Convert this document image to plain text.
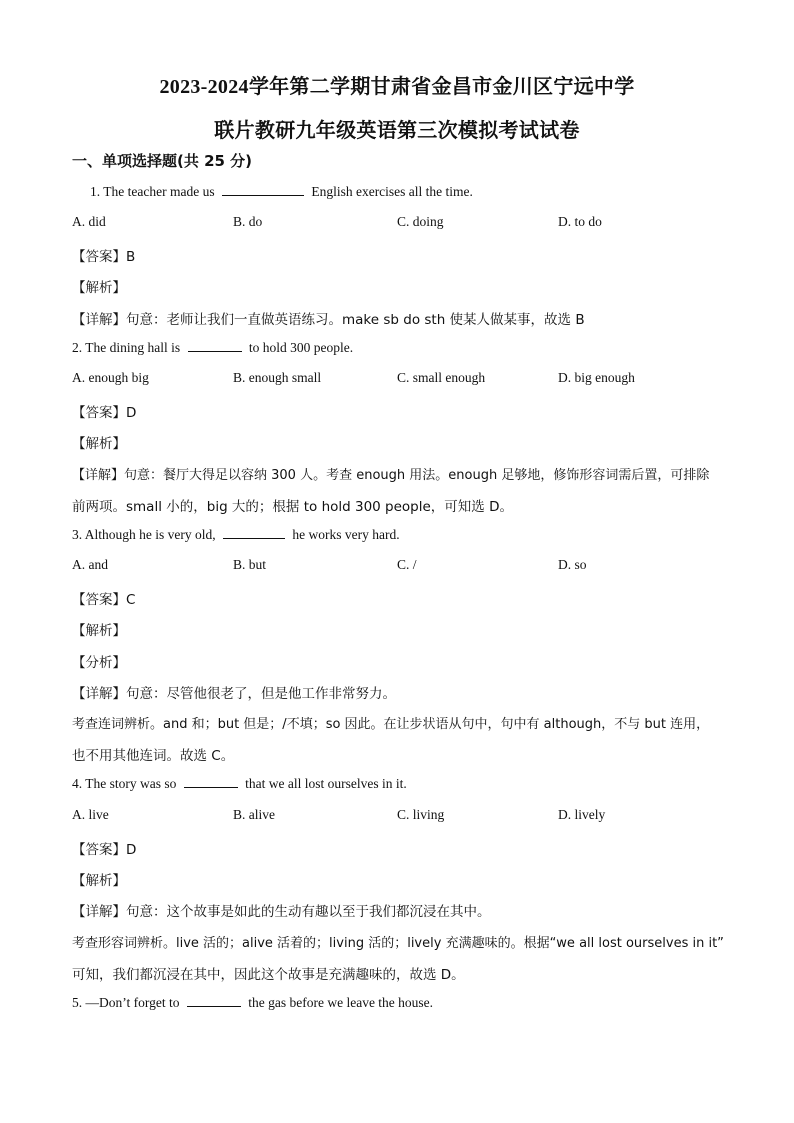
2023-2024学年第二学期甘肃省金昌市金川区宁远中学
联片教研九年级英语第三次模拟考试试卷
一、单项选择题(共 25 分)
1. The teacher made us	English exercises all the time.
A. did	B. do	C. doing	D. to do
【答案】B
【解析】
【详解】句意：老师让我们一直做英语练习。make sb do sth 使某人做某事，故选 B
2. The dining hall is	to hold 300 people.
A. enough big	B. enough small	C. small enough	D. big enough
【答案】D
【解析】
【详解】句意：餐厅大得足以容纳 300 人。考查 enough 用法。enough 足够地，修饰形容词需后置，可排除
前两项。small 小的，big 大的；根据 to hold 300 people，可知选 D。
3. Although he is very old,	he works very hard.
A. and	B. but	C. /	D. so
【答案】C
【解析】
【分析】
【详解】句意：尽管他很老了，但是他工作非常努力。
考查连词辨析。and 和；but 但是；/不填；so 因此。在让步状语从句中，句中有 although，不与 but 连用，
也不用其他连词。故选 C。
4. The story was so	that we all lost ourselves in it.
A. live	B. alive	C. living	D. lively
【答案】D
【解析】
【详解】句意：这个故事是如此的生动有趣以至于我们都沉浸在其中。
考查形容词辨析。live 活的；alive 活着的；living 活的；lively 充满趣味的。根据“we all lost ourselves in it”
可知，我们都沉浸在其中，因此这个故事是充满趣味的，故选 D。
5. —Don’t forget to	the gas before we leave the house.
